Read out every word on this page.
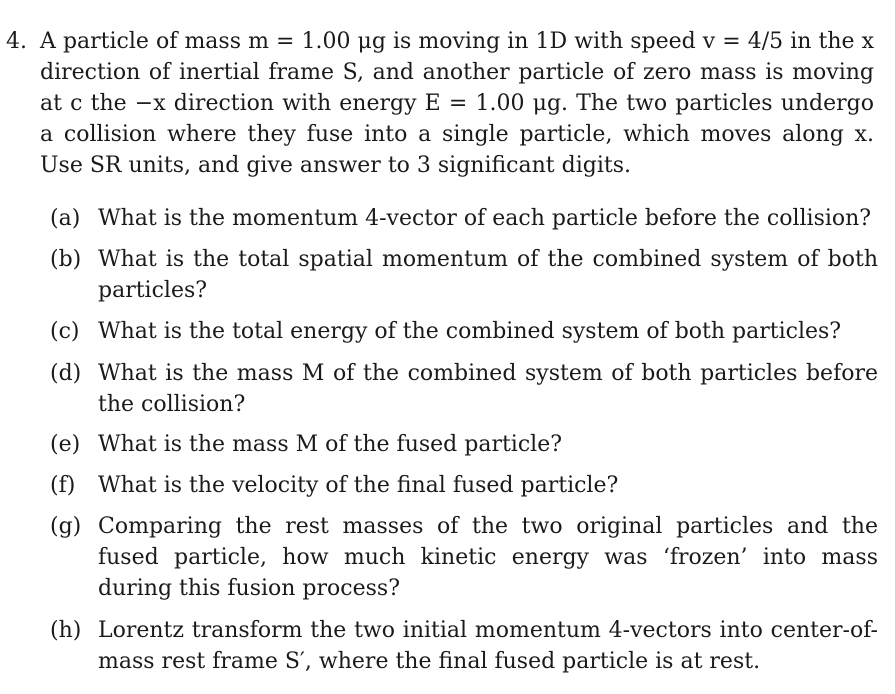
4. A particle of mass m = 1.00 μg is moving in 1D with speed v = 4/5 in the x direction of inertial frame S, and another particle of zero mass is moving at c the −x direction with energy E = 1.00 μg. The two particles undergo a collision where they fuse into a single particle, which moves along x. Use SR units, and give answer to 3 significant digits.
(a) What is the momentum 4-vector of each particle before the collision?
(b) What is the total spatial momentum of the combined system of both particles?
(c) What is the total energy of the combined system of both particles?
(d) What is the mass M of the combined system of both particles before the collision?
(e) What is the mass M of the fused particle?
(f) What is the velocity of the final fused particle?
(g) Comparing the rest masses of the two original particles and the fused particle, how much kinetic energy was ‘frozen’ into mass during this fusion process?
(h) Lorentz transform the two initial momentum 4-vectors into center-of-mass rest frame S′, where the final fused particle is at rest.
